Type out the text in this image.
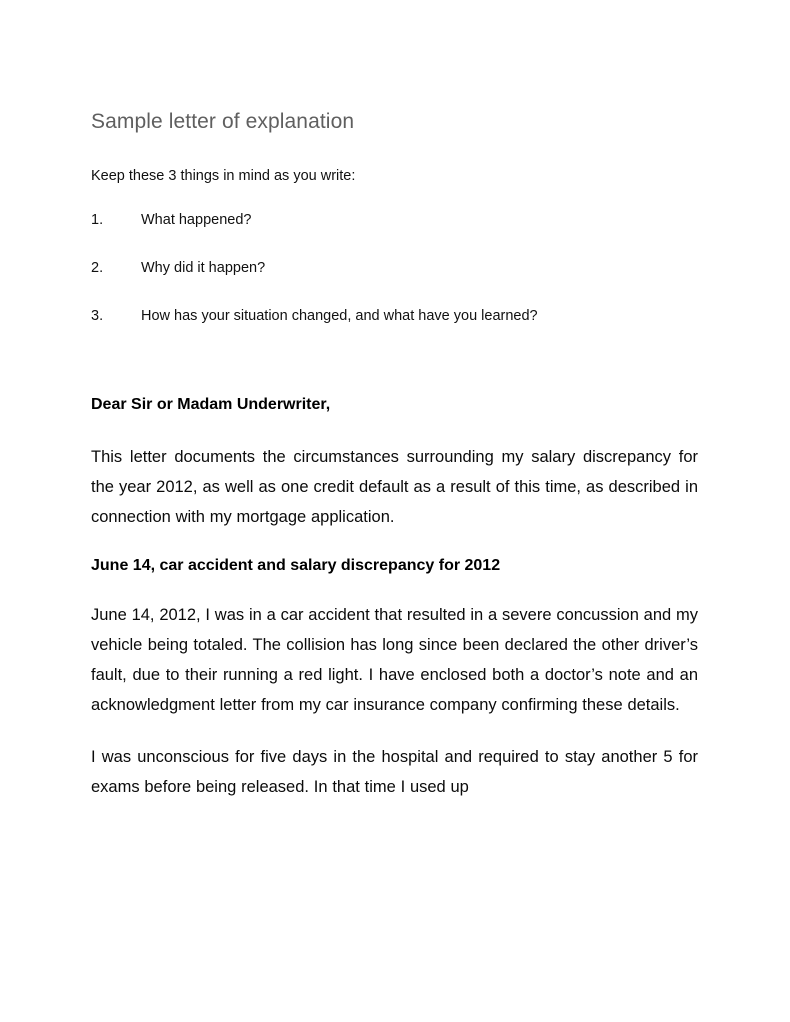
Sample letter of explanation

Keep these 3 things in mind as you write:

1.	What happened?
2.	Why did it happen?
3.	How has your situation changed, and what have you learned?

Dear Sir or Madam Underwriter,

This letter documents the circumstances surrounding my salary discrepancy for the year 2012, as well as one credit default as a result of this time, as described in connection with my mortgage application.

June 14, car accident and salary discrepancy for 2012

June 14, 2012, I was in a car accident that resulted in a severe concussion and my vehicle being totaled. The collision has long since been declared the other driver’s fault, due to their running a red light. I have enclosed both a doctor’s note and an acknowledgment letter from my car insurance company confirming these details.

I was unconscious for five days in the hospital and required to stay another 5 for exams before being released. In that time I used up
